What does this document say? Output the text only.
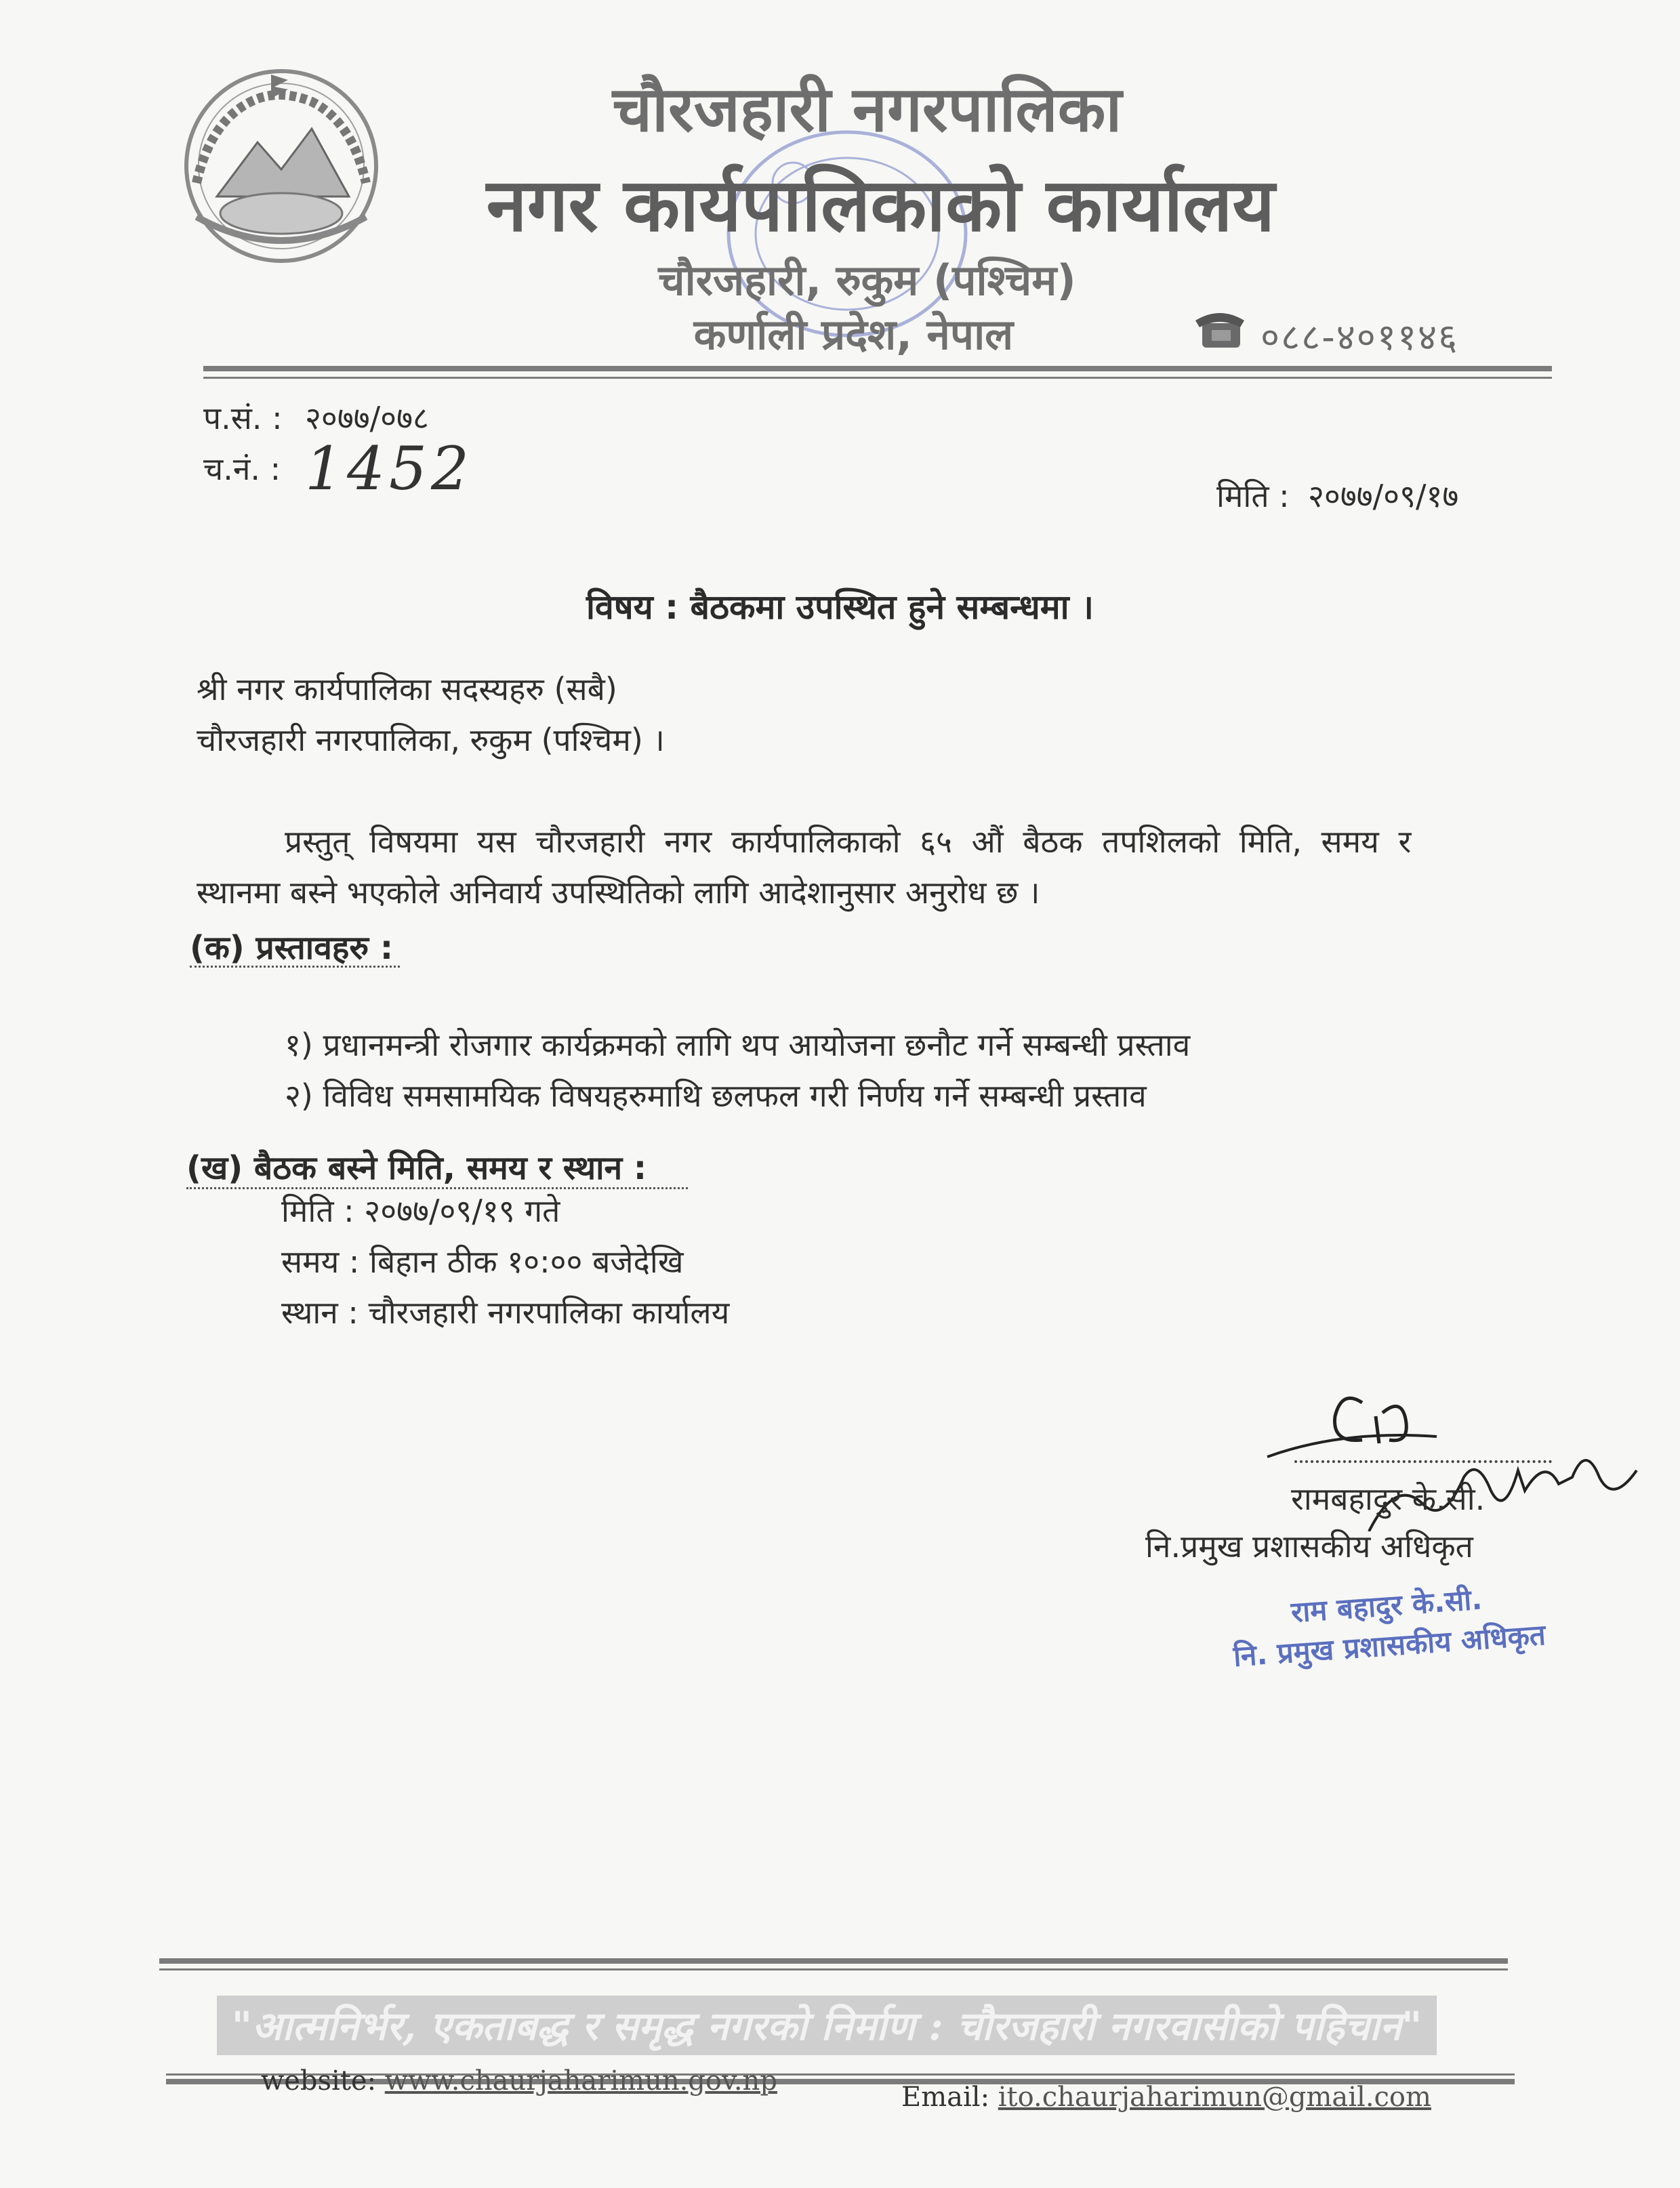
चौरजहारी नगरपालिका
नगर कार्यपालिकाको कार्यालय
चौरजहारी, रुकुम (पश्चिम)
कर्णाली प्रदेश, नेपाल	०८८-४०११४६
प.सं. : २०७७/०७८
च.नं. : 1452	मिति : २०७७/०९/१७
विषय : बैठकमा उपस्थित हुने सम्बन्धमा ।
श्री नगर कार्यपालिका सदस्यहरु (सबै)
चौरजहारी नगरपालिका, रुकुम (पश्चिम) ।
प्रस्तुत् विषयमा यस चौरजहारी नगर कार्यपालिकाको ६५ औं बैठक तपशिलको मिति, समय र
स्थानमा बस्ने भएकोले अनिवार्य उपस्थितिको लागि आदेशानुसार अनुरोध छ ।
(क) प्रस्तावहरु :
१) प्रधानमन्त्री रोजगार कार्यक्रमको लागि थप आयोजना छनौट गर्ने सम्बन्धी प्रस्ताव
२) विविध समसामयिक विषयहरुमाथि छलफल गरी निर्णय गर्ने सम्बन्धी प्रस्ताव
(ख) बैठक बस्ने मिति, समय र स्थान :
मिति : २०७७/०९/१९ गते
समय : बिहान ठीक १०:०० बजेदेखि
स्थान : चौरजहारी नगरपालिका कार्यालय
रामबहादुर के.सी.
नि.प्रमुख प्रशासकीय अधिकृत
राम बहादुर के.सी.
नि. प्रमुख प्रशासकीय अधिकृत
"आत्मनिर्भर, एकताबद्ध र समृद्ध नगरको निर्माण : चौरजहारी नगरवासीको पहिचान"
website: www.chaurjaharimun.gov.np
Email: ito.chaurjaharimun@gmail.com
